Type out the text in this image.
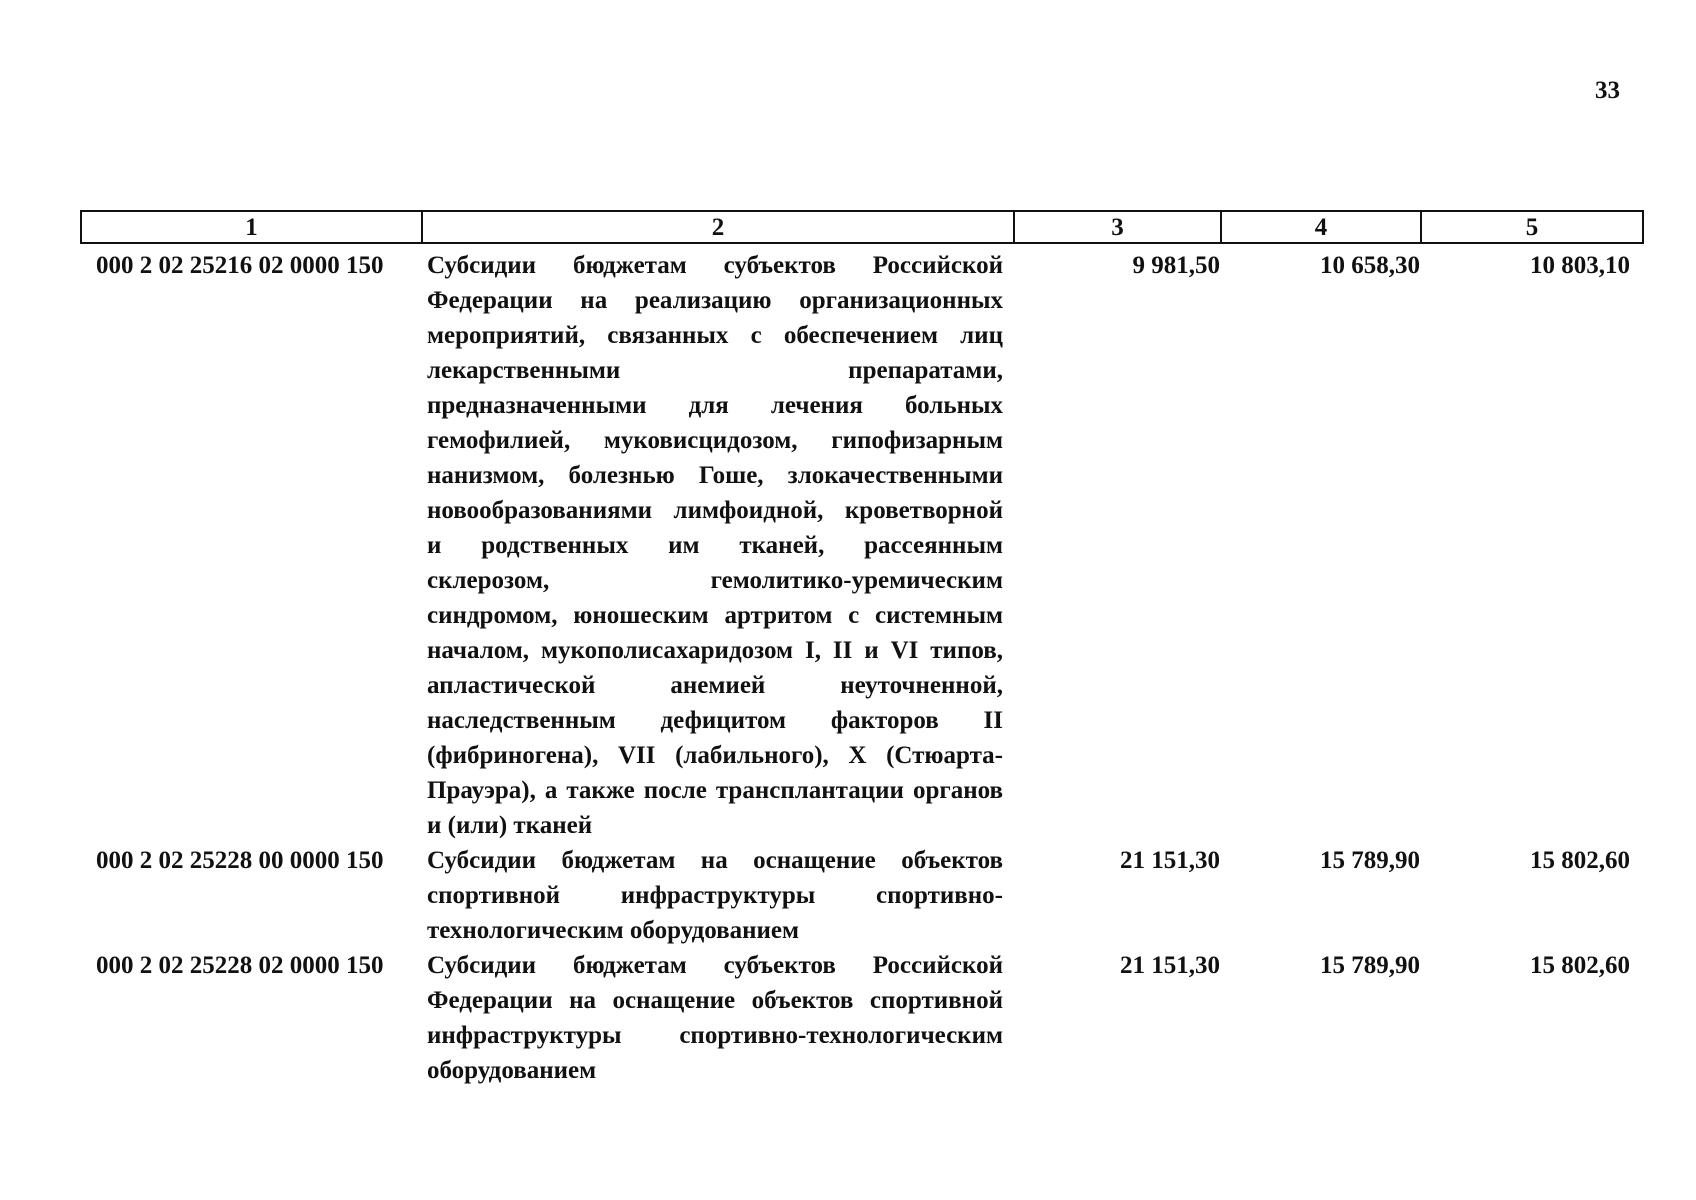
33
1	2	3	4	5
000 2 02 25216 02 0000 150	Субсидии бюджетам субъектов Российской
Федерации на реализацию организационных
мероприятий, связанных с обеспечением лиц
лекарственными препаратами,
предназначенными для лечения больных
гемофилией, муковисцидозом, гипофизарным
нанизмом, болезнью Гоше, злокачественными
новообразованиями лимфоидной, кроветворной
и родственных им тканей, рассеянным
склерозом, гемолитико-уремическим
синдромом, юношеским артритом с системным
началом, мукополисахаридозом I, II и VI типов,
апластической анемией неуточненной,
наследственным дефицитом факторов II
(фибриногена), VII (лабильного), X (Стюарта-
Прауэра), а также после трансплантации органов
и (или) тканей
9 981,50	10 658,30	10 803,10
000 2 02 25228 00 0000 150	Субсидии бюджетам на оснащение объектов
спортивной инфраструктуры спортивно-
технологическим оборудованием
21 151,30	15 789,90	15 802,60
000 2 02 25228 02 0000 150	Субсидии бюджетам субъектов Российской
Федерации на оснащение объектов спортивной
инфраструктуры спортивно-технологическим
оборудованием
21 151,30	15 789,90	15 802,60
